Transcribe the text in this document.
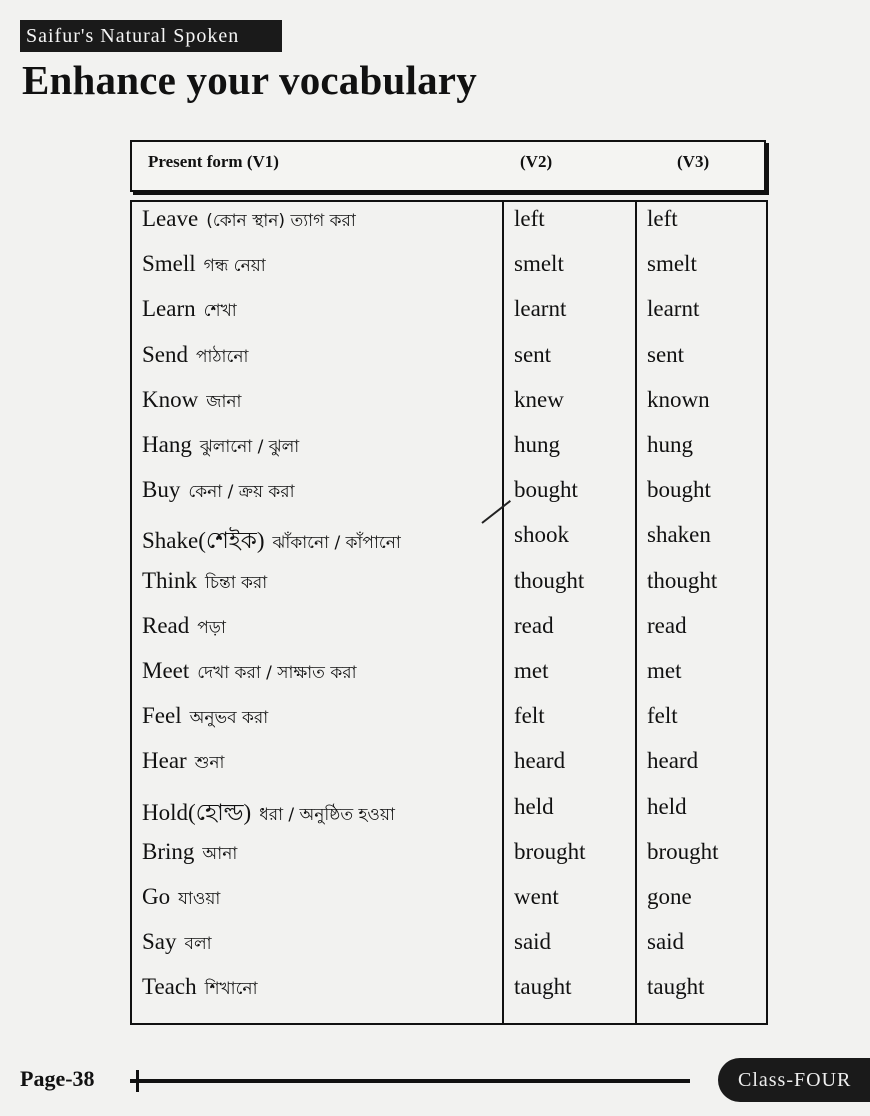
Saifur's Natural Spoken
Enhance your vocabulary
Present form (V1)	(V2)	(V3)
Leave (কোন স্থান) ত্যাগ করা	left	left
Smell গন্ধ নেয়া	smelt	smelt
Learn শেখা	learnt	learnt
Send পাঠানো	sent	sent
Know জানা	knew	known
Hang ঝুলানো / ঝুলা	hung	hung
Buy কেনা / ক্রয় করা	bought	bought
Shake(শেইক) ঝাঁকানো / কাঁপানো	shook	shaken
Think চিন্তা করা	thought	thought
Read পড়া	read	read
Meet দেখা করা / সাক্ষাত করা	met	met
Feel অনুভব করা	felt	felt
Hear শুনা	heard	heard
Hold(হোল্ড) ধরা / অনুষ্ঠিত হওয়া	held	held
Bring আনা	brought	brought
Go যাওয়া	went	gone
Say বলা	said	said
Teach শিখানো	taught	taught
Page-38	Class-FOUR
